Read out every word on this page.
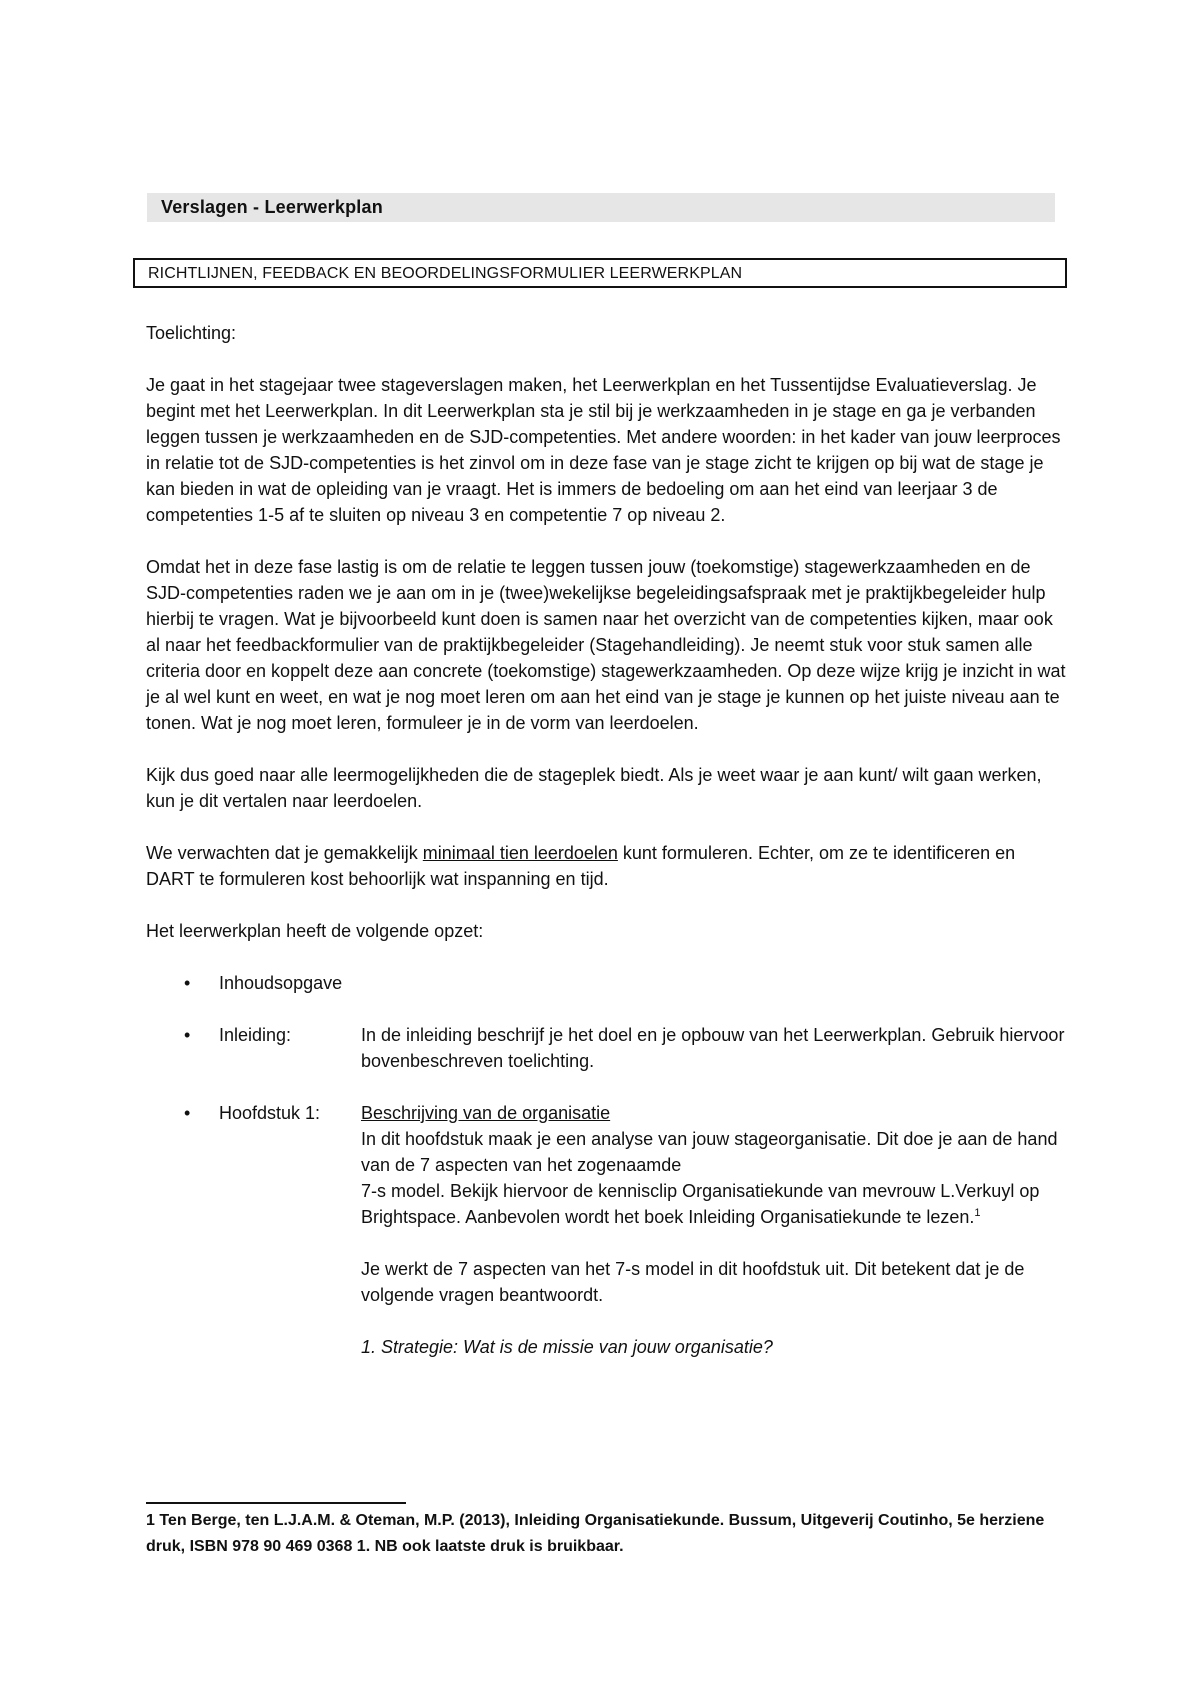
Verslagen - Leerwerkplan
RICHTLIJNEN, FEEDBACK EN BEOORDELINGSFORMULIER LEERWERKPLAN

Toelichting:

Je gaat in het stagejaar twee stageverslagen maken, het Leerwerkplan en het Tussentijdse Evaluatieverslag. Je begint met het Leerwerkplan. In dit Leerwerkplan sta je stil bij je werkzaamheden in je stage en ga je verbanden leggen tussen je werkzaamheden en de SJD-competenties. Met andere woorden: in het kader van jouw leerproces in relatie tot de SJD-competenties is het zinvol om in deze fase van je stage zicht te krijgen op bij wat de stage je kan bieden in wat de opleiding van je vraagt. Het is immers de bedoeling om aan het eind van leerjaar 3 de competenties 1-5 af te sluiten op niveau 3 en competentie 7 op niveau 2.

Omdat het in deze fase lastig is om de relatie te leggen tussen jouw (toekomstige) stagewerkzaamheden en de SJD-competenties raden we je aan om in je (twee)wekelijkse begeleidingsafspraak met je praktijkbegeleider hulp hierbij te vragen. Wat je bijvoorbeeld kunt doen is samen naar het overzicht van de competenties kijken, maar ook al naar het feedbackformulier van de praktijkbegeleider (Stagehandleiding). Je neemt stuk voor stuk samen alle criteria door en koppelt deze aan concrete (toekomstige) stagewerkzaamheden. Op deze wijze krijg je inzicht in wat je al wel kunt en weet, en wat je nog moet leren om aan het eind van je stage je kunnen op het juiste niveau aan te tonen. Wat je nog moet leren, formuleer je in de vorm van leerdoelen.

Kijk dus goed naar alle leermogelijkheden die de stageplek biedt. Als je weet waar je aan kunt/ wilt gaan werken, kun je dit vertalen naar leerdoelen.

We verwachten dat je gemakkelijk minimaal tien leerdoelen kunt formuleren. Echter, om ze te identificeren en DART te formuleren kost behoorlijk wat inspanning en tijd.

Het leerwerkplan heeft de volgende opzet:

• Inhoudsopgave
• Inleiding:	In de inleiding beschrijf je het doel en je opbouw van het Leerwerkplan. Gebruik hiervoor bovenbeschreven toelichting.

• Hoofdstuk 1: Beschrijving van de organisatie

In dit hoofdstuk maak je een analyse van jouw stageorganisatie. Dit doe je aan de hand van de 7 aspecten van het zogenaamde

7-s model. Bekijk hiervoor de kennisclip Organisatiekunde van mevrouw L.Verkuyl op Brightspace. Aanbevolen wordt het boek Inleiding Organisatiekunde te lezen.$^1$

Je werkt de 7 aspecten van het 7-s model in dit hoofdstuk uit. Dit betekent dat je de volgende vragen beantwoordt.

1. Strategie: Wat is de missie van jouw organisatie?

1 Ten Berge, ten L.J.A.M. & Oteman, M.P. (2013), Inleiding Organisatiekunde. Bussum, Uitgeverij Coutinho, 5e herziene druk, ISBN 978 90 469 0368 1. NB ook laatste druk is bruikbaar.
